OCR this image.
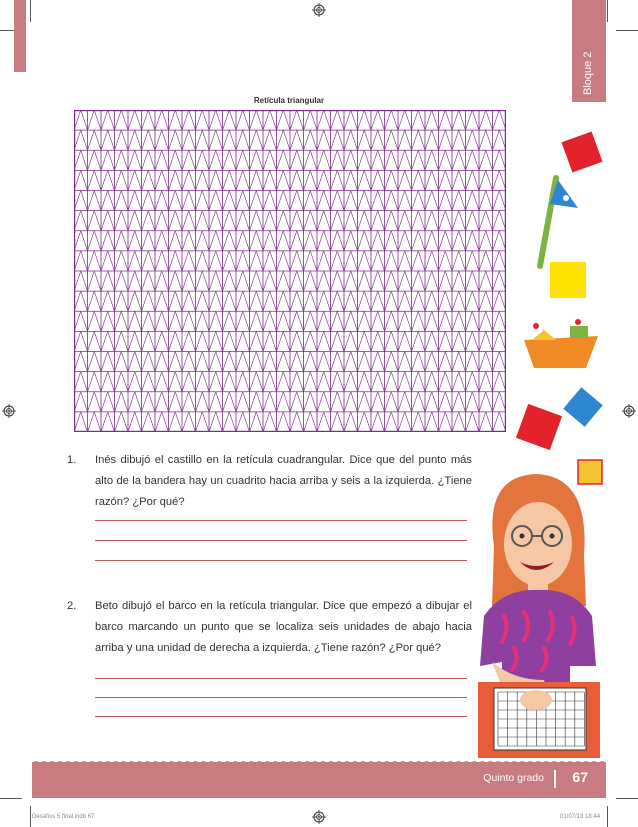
Bloque 2
Retícula triangular
1. Inés dibujó el castillo en la retícula cuadrangular. Dice que del punto más alto de la bandera hay un cuadrito hacia arriba y seis a la izquierda. ¿Tiene razón? ¿Por qué?
2. Beto dibujó el barco en la retícula triangular. Dice que empezó a dibujar el barco marcando un punto que se localiza seis unidades de abajo hacia arriba y una unidad de derecha a izquierda. ¿Tiene razón? ¿Por qué?
Quinto grado 67
Desafios 5 final.indb 67	01/07/13 18:44
